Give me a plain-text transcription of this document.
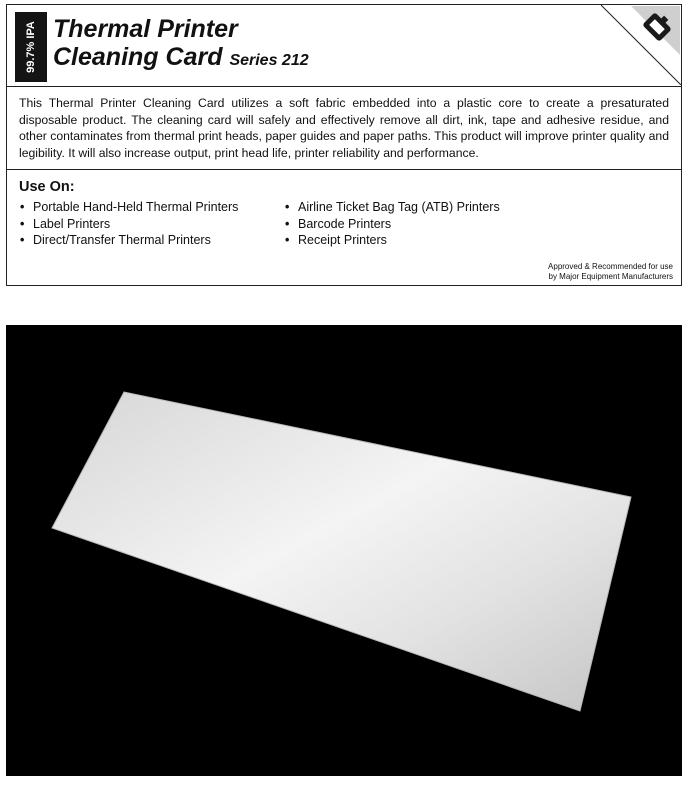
99.7% IPA Thermal Printer
Cleaning Card Series 212
This Thermal Printer Cleaning Card utilizes a soft fabric embedded into a plastic core to create a presaturated disposable product. The cleaning card will safely and effectively remove all dirt, ink, tape and adhesive residue, and other contaminates from thermal print heads, paper guides and paper paths. This product will improve printer quality and legibility. It will also increase output, print head life, printer reliability and performance.
Use On:
• Portable Hand-Held Thermal Printers
• Label Printers
• Direct/Transfer Thermal Printers
• Airline Ticket Bag Tag (ATB) Printers
• Barcode Printers
• Receipt Printers
Approved & Recommended for use
by Major Equipment Manufacturers
